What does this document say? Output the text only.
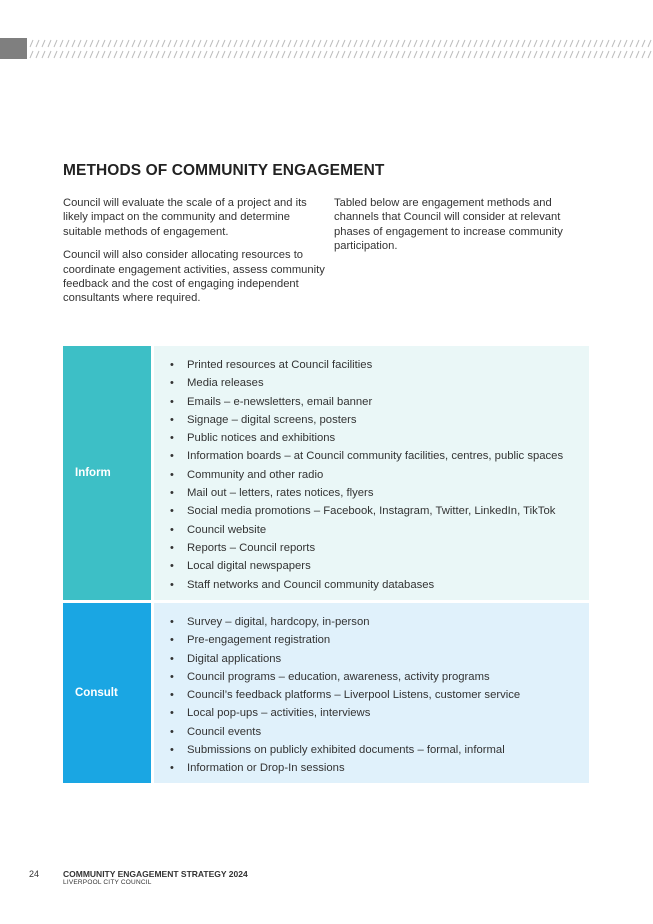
METHODS OF COMMUNITY ENGAGEMENT

Council will evaluate the scale of a project and its likely impact on the community and determine suitable methods of engagement.

Council will also consider allocating resources to coordinate engagement activities, assess community feedback and the cost of engaging independent consultants where required.

Tabled below are engagement methods and channels that Council will consider at relevant phases of engagement to increase community participation.

Inform
• Printed resources at Council facilities
• Media releases
• Emails – e-newsletters, email banner
• Signage – digital screens, posters
• Public notices and exhibitions
• Information boards – at Council community facilities, centres, public spaces
• Community and other radio
• Mail out – letters, rates notices, flyers
• Social media promotions – Facebook, Instagram, Twitter, LinkedIn, TikTok
• Council website
• Reports – Council reports
• Local digital newspapers
• Staff networks and Council community databases
Consult
• Survey – digital, hardcopy, in-person
• Pre-engagement registration
• Digital applications
• Council programs – education, awareness, activity programs
• Council’s feedback platforms – Liverpool Listens, customer service
• Local pop-ups – activities, interviews
• Council events
• Submissions on publicly exhibited documents – formal, informal
• Information or Drop-In sessions
24	COMMUNITY ENGAGEMENT STRATEGY 2024
LIVERPOOL CITY COUNCIL
